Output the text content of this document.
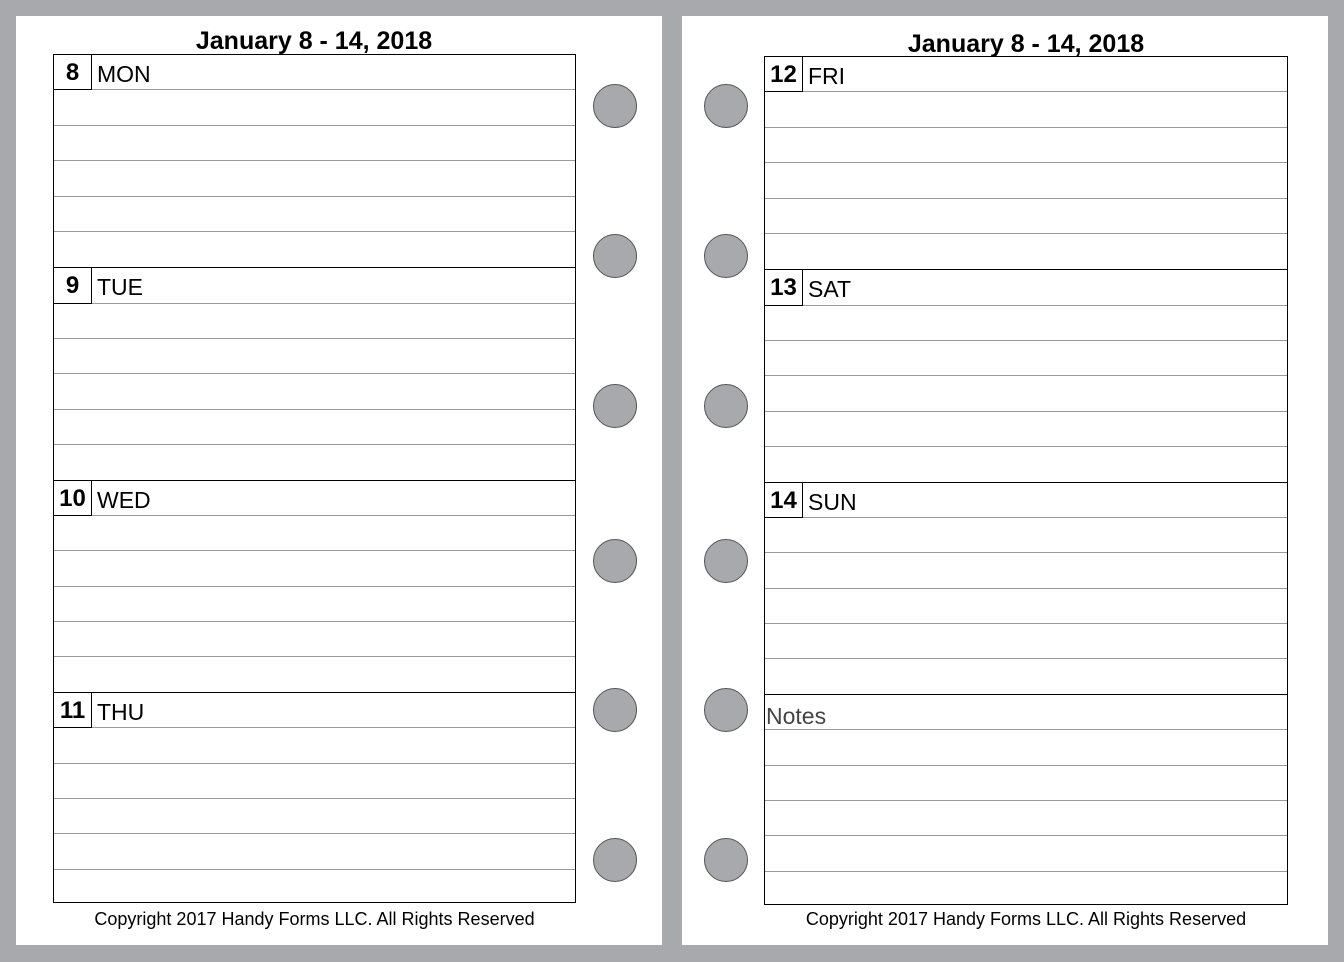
January 8 - 14, 2018
8 MON
9 TUE
10 WED
11 THU
Copyright 2017 Handy Forms LLC. All Rights Reserved
January 8 - 14, 2018
12 FRI
13 SAT
14 SUN
Notes
Copyright 2017 Handy Forms LLC. All Rights Reserved
